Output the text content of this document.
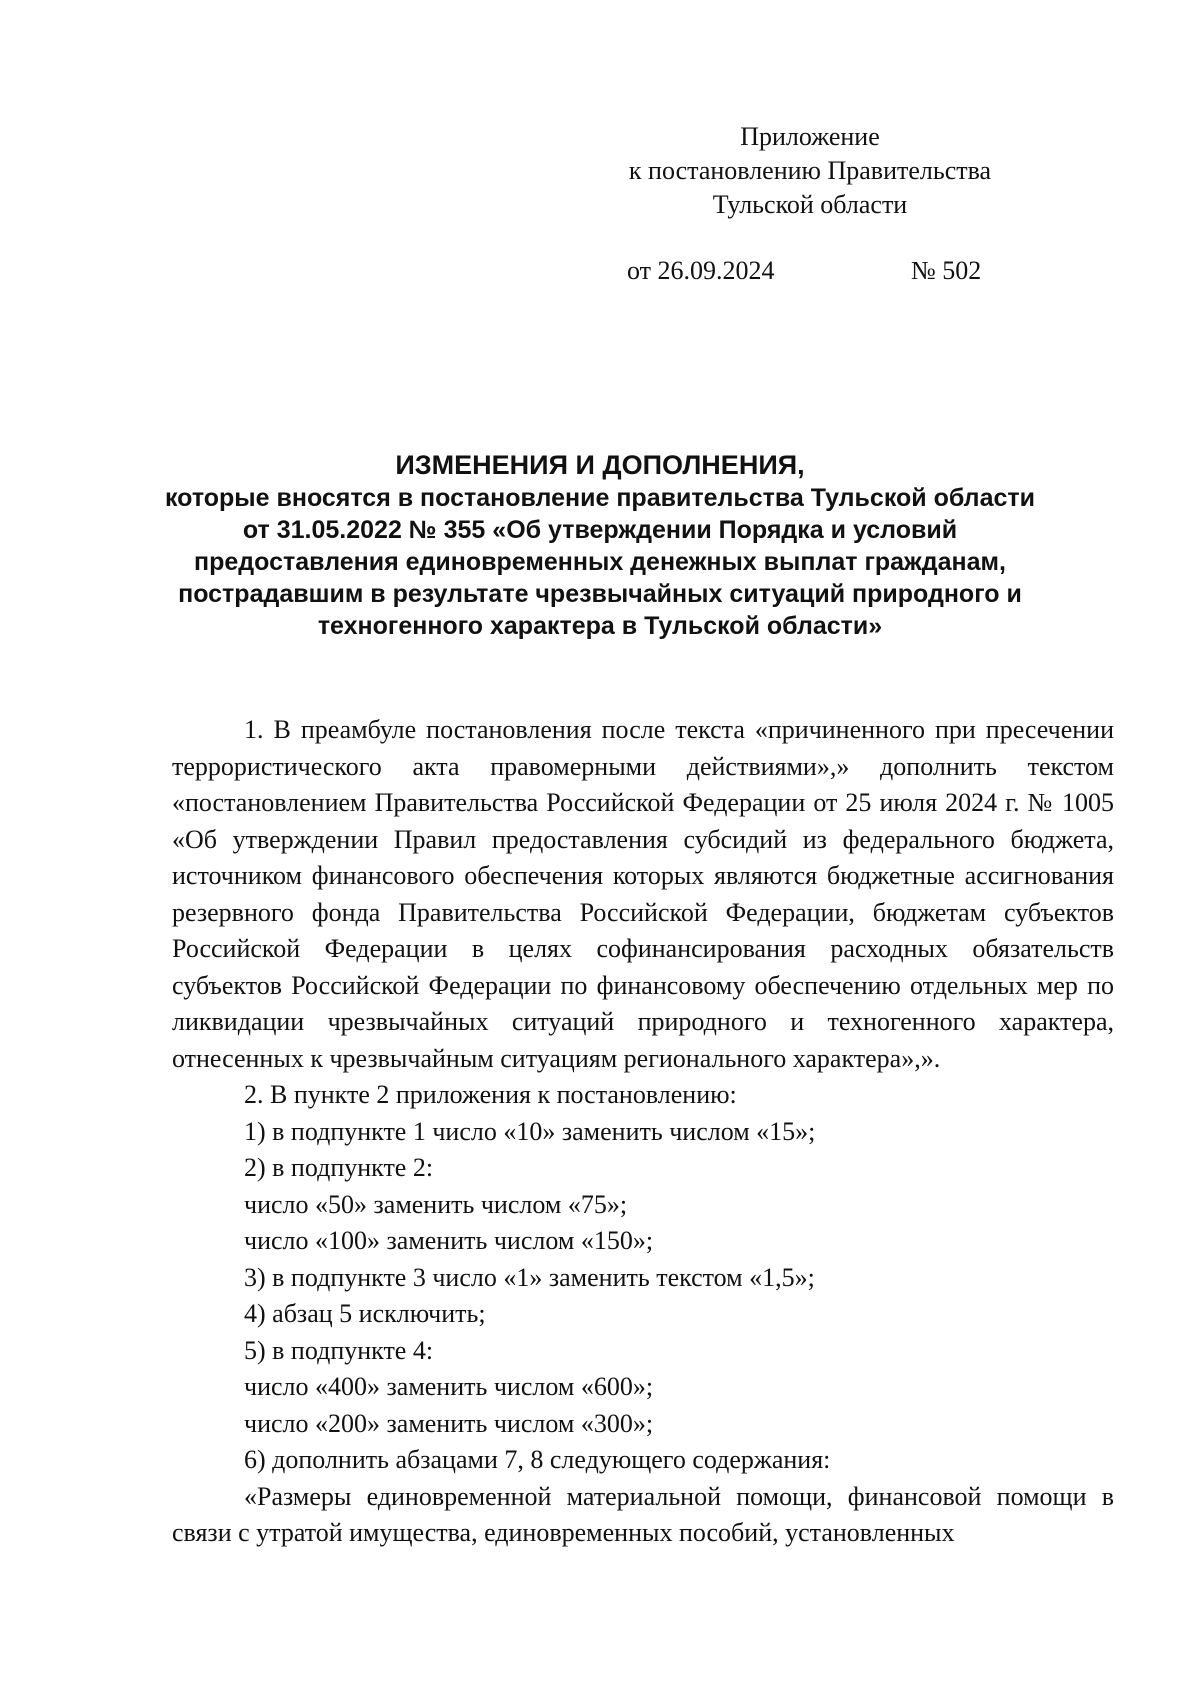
Приложение
к постановлению Правительства
Тульской области
от 26.09.2024	№ 502
ИЗМЕНЕНИЯ И ДОПОЛНЕНИЯ,
которые вносятся в постановление правительства Тульской области
от 31.05.2022 № 355 «Об утверждении Порядка и условий
предоставления единовременных денежных выплат гражданам,
пострадавшим в результате чрезвычайных ситуаций природного и
техногенного характера в Тульской области»

1. В преамбуле постановления после текста «причиненного при пресечении террористического акта правомерными действиями»,» дополнить текстом «постановлением Правительства Российской Федерации от 25 июля 2024 г. № 1005 «Об утверждении Правил предоставления субсидий из федерального бюджета, источником финансового обеспечения которых являются бюджетные ассигнования резервного фонда Правительства Российской Федерации, бюджетам субъектов Российской Федерации в целях софинансирования расходных обязательств субъектов Российской Федерации по финансовому обеспечению отдельных мер по ликвидации чрезвычайных ситуаций природного и техногенного характера, отнесенных к чрезвычайным ситуациям регионального характера»,».

2. В пункте 2 приложения к постановлению:

1) в подпункте 1 число «10» заменить числом «15»;

2) в подпункте 2:

число «50» заменить числом «75»;

число «100» заменить числом «150»;

3) в подпункте 3 число «1» заменить текстом «1,5»;

4) абзац 5 исключить;

5) в подпункте 4:

число «400» заменить числом «600»;

число «200» заменить числом «300»;

6) дополнить абзацами 7, 8 следующего содержания:

«Размеры единовременной материальной помощи, финансовой помощи в связи с утратой имущества, единовременных пособий, установленных
